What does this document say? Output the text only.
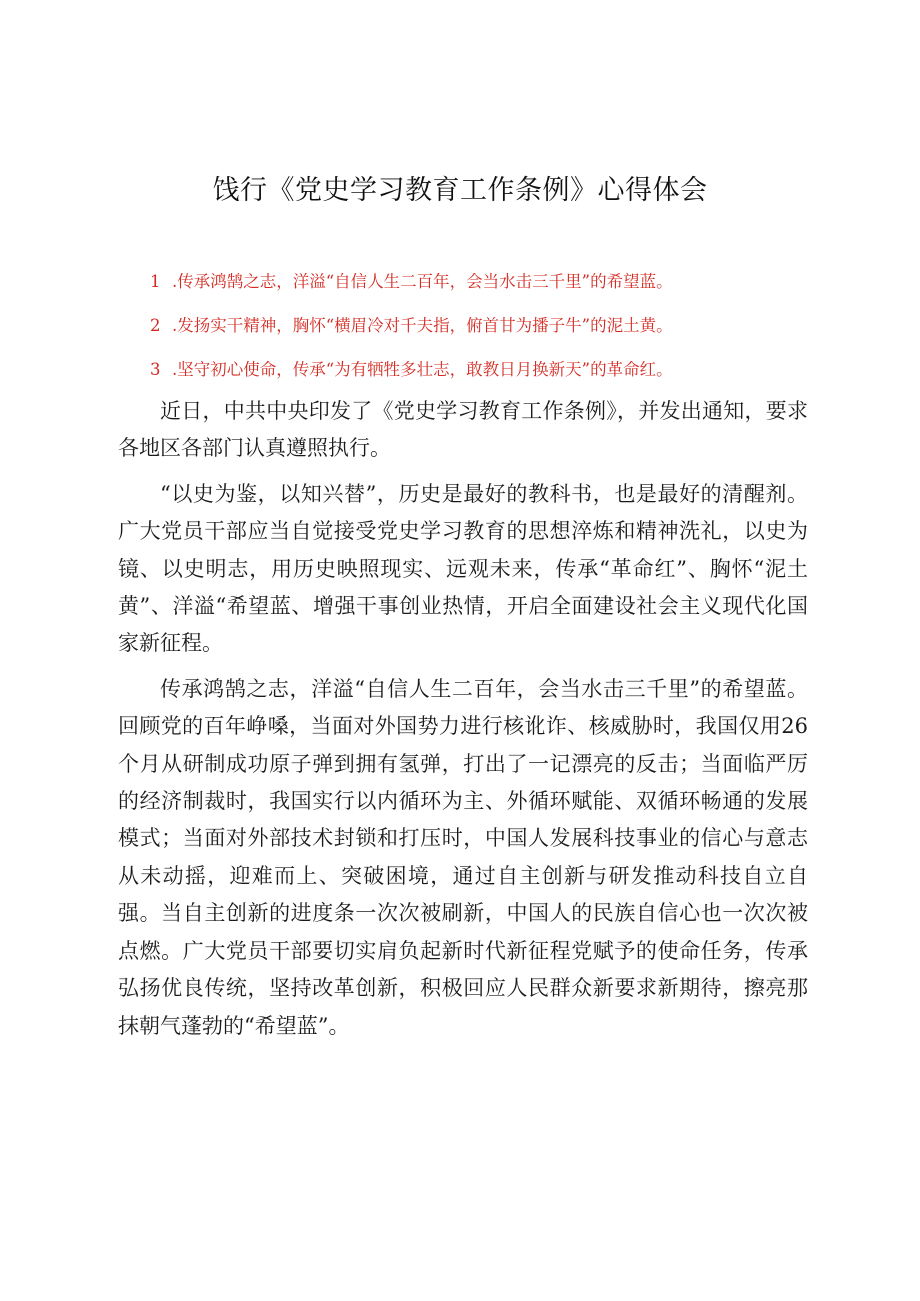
饯行《党史学习教育工作条例》心得体会
1 .传承鸿鹄之志，洋溢“自信人生二百年，会当水击三千里”的希望蓝。
2 .发扬实干精神，胸怀“横眉冷对千夫指，俯首甘为播子牛”的泥土黄。
3 .坚守初心使命，传承“为有牺牲多壮志，敢教日月换新天”的革命红。

近日，中共中央印发了《党史学习教育工作条例》，并发出通知，要求各地区各部门认真遵照执行。

“以史为鉴，以知兴替”，历史是最好的教科书，也是最好的清醒剂。广大党员干部应当自觉接受党史学习教育的思想淬炼和精神洗礼，以史为镜、以史明志，用历史映照现实、远观未来，传承“革命红”、胸怀“泥土黄”、洋溢“希望蓝、增强干事创业热情，开启全面建设社会主义现代化国家新征程。

传承鸿鹄之志，洋溢“自信人生二百年，会当水击三千里”的希望蓝。回顾党的百年峥嗓，当面对外国势力进行核讹诈、核威胁时，我国仅用26个月从研制成功原子弹到拥有氢弹，打出了一记漂亮的反击；当面临严厉的经济制裁时，我国实行以内循环为主、外循环赋能、双循环畅通的发展模式；当面对外部技术封锁和打压时，中国人发展科技事业的信心与意志从未动摇，迎难而上、突破困境，通过自主创新与研发推动科技自立自强。当自主创新的进度条一次次被刷新，中国人的民族自信心也一次次被点燃。广大党员干部要切实肩负起新时代新征程党赋予的使命任务，传承弘扬优良传统，坚持改革创新，积极回应人民群众新要求新期待，擦亮那抹朝气蓬勃的“希望蓝”。
